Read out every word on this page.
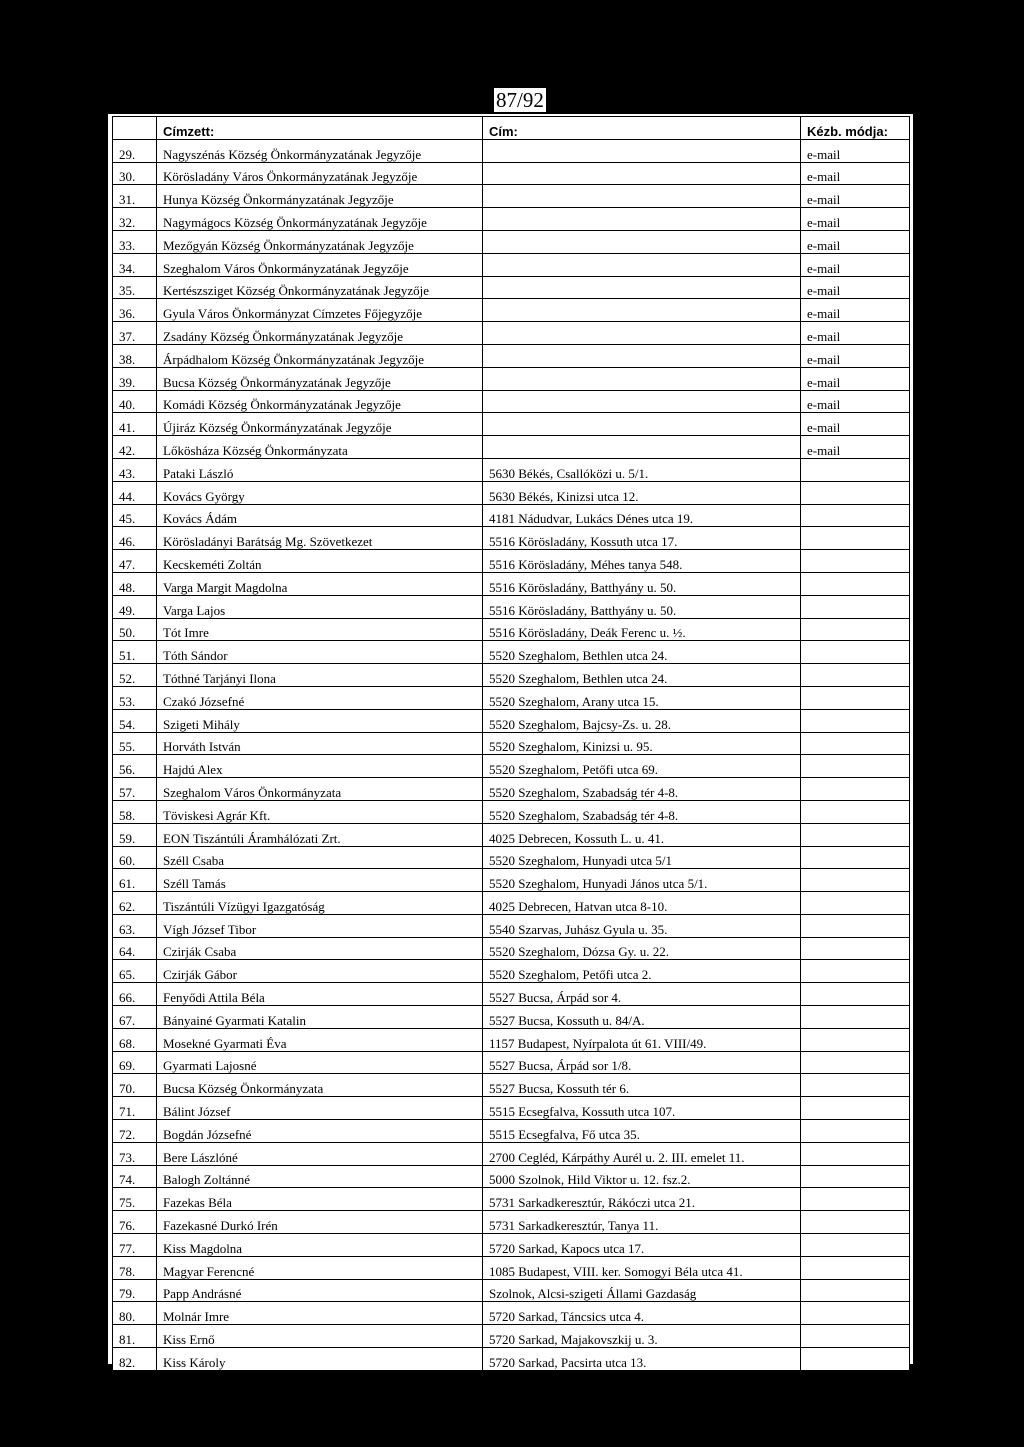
87/92
	Címzett:	Cím:	Kézb. módja:
29.	Nagyszénás Község Önkormányzatának Jegyzője		e-mail
30.	Körösladány Város Önkormányzatának Jegyzője		e-mail
31.	Hunya Község Önkormányzatának Jegyzője		e-mail
32.	Nagymágocs Község Önkormányzatának Jegyzője		e-mail
33.	Mezőgyán Község Önkormányzatának Jegyzője		e-mail
34.	Szeghalom Város Önkormányzatának Jegyzője		e-mail
35.	Kertészsziget Község Önkormányzatának Jegyzője		e-mail
36.	Gyula Város Önkormányzat Címzetes Főjegyzője		e-mail
37.	Zsadány Község Önkormányzatának Jegyzője		e-mail
38.	Árpádhalom Község Önkormányzatának Jegyzője		e-mail
39.	Bucsa Község Önkormányzatának Jegyzője		e-mail
40.	Komádi Község Önkormányzatának Jegyzője		e-mail
41.	Újiráz Község Önkormányzatának Jegyzője		e-mail
42.	Lőkösháza Község Önkormányzata		e-mail
43.	Pataki László	5630 Békés, Csallóközi u. 5/1.	
44.	Kovács György	5630 Békés, Kinizsi utca 12.	
45.	Kovács Ádám	4181 Nádudvar, Lukács Dénes utca 19.	
46.	Körösladányi Barátság Mg. Szövetkezet	5516 Körösladány, Kossuth utca 17.	
47.	Kecskeméti Zoltán	5516 Körösladány, Méhes tanya 548.	
48.	Varga Margit Magdolna	5516 Körösladány, Batthyány u. 50.	
49.	Varga Lajos	5516 Körösladány, Batthyány u. 50.	
50.	Tót Imre	5516 Körösladány, Deák Ferenc u. ½.	
51.	Tóth Sándor	5520 Szeghalom, Bethlen utca 24.	
52.	Tóthné Tarjányi Ilona	5520 Szeghalom, Bethlen utca 24.	
53.	Czakó Józsefné	5520 Szeghalom, Arany utca 15.	
54.	Szigeti Mihály	5520 Szeghalom, Bajcsy-Zs. u. 28.	
55.	Horváth István	5520 Szeghalom, Kinizsi u. 95.	
56.	Hajdú Alex	5520 Szeghalom, Petőfi utca 69.	
57.	Szeghalom Város Önkormányzata	5520 Szeghalom, Szabadság tér 4-8.	
58.	Töviskesi Agrár Kft.	5520 Szeghalom, Szabadság tér 4-8.	
59.	EON Tiszántúli Áramhálózati Zrt.	4025 Debrecen, Kossuth L. u. 41.	
60.	Széll Csaba	5520 Szeghalom, Hunyadi utca 5/1	
61.	Széll Tamás	5520 Szeghalom, Hunyadi János utca 5/1.	
62.	Tiszántúli Vízügyi Igazgatóság	4025 Debrecen, Hatvan utca 8-10.	
63.	Vígh József Tibor	5540 Szarvas, Juhász Gyula u. 35.	
64.	Czirják Csaba	5520 Szeghalom, Dózsa Gy. u. 22.	
65.	Czirják Gábor	5520 Szeghalom, Petőfi utca 2.	
66.	Fenyődi Attila Béla	5527 Bucsa, Árpád sor 4.	
67.	Bányainé Gyarmati Katalin	5527 Bucsa, Kossuth u. 84/A.	
68.	Mosekné Gyarmati Éva	1157 Budapest, Nyírpalota út 61. VIII/49.	
69.	Gyarmati Lajosné	5527 Bucsa, Árpád sor 1/8.	
70.	Bucsa Község Önkormányzata	5527 Bucsa, Kossuth tér 6.	
71.	Bálint József	5515 Ecsegfalva, Kossuth utca 107.	
72.	Bogdán Józsefné	5515 Ecsegfalva, Fő utca 35.	
73.	Bere Lászlóné	2700 Cegléd, Kárpáthy Aurél u. 2. III. emelet 11.	
74.	Balogh Zoltánné	5000 Szolnok, Hild Viktor u. 12. fsz.2.	
75.	Fazekas Béla	5731 Sarkadkeresztúr, Rákóczi utca 21.	
76.	Fazekasné Durkó Irén	5731 Sarkadkeresztúr, Tanya 11.	
77.	Kiss Magdolna	5720 Sarkad, Kapocs utca 17.	
78.	Magyar Ferencné	1085 Budapest, VIII. ker. Somogyi Béla utca 41.	
79.	Papp Andrásné	Szolnok, Alcsi-szigeti Állami Gazdaság	
80.	Molnár Imre	5720 Sarkad, Táncsics utca 4.	
81.	Kiss Ernő	5720 Sarkad, Majakovszkij u. 3.	
82.	Kiss Károly	5720 Sarkad, Pacsirta utca 13.	
